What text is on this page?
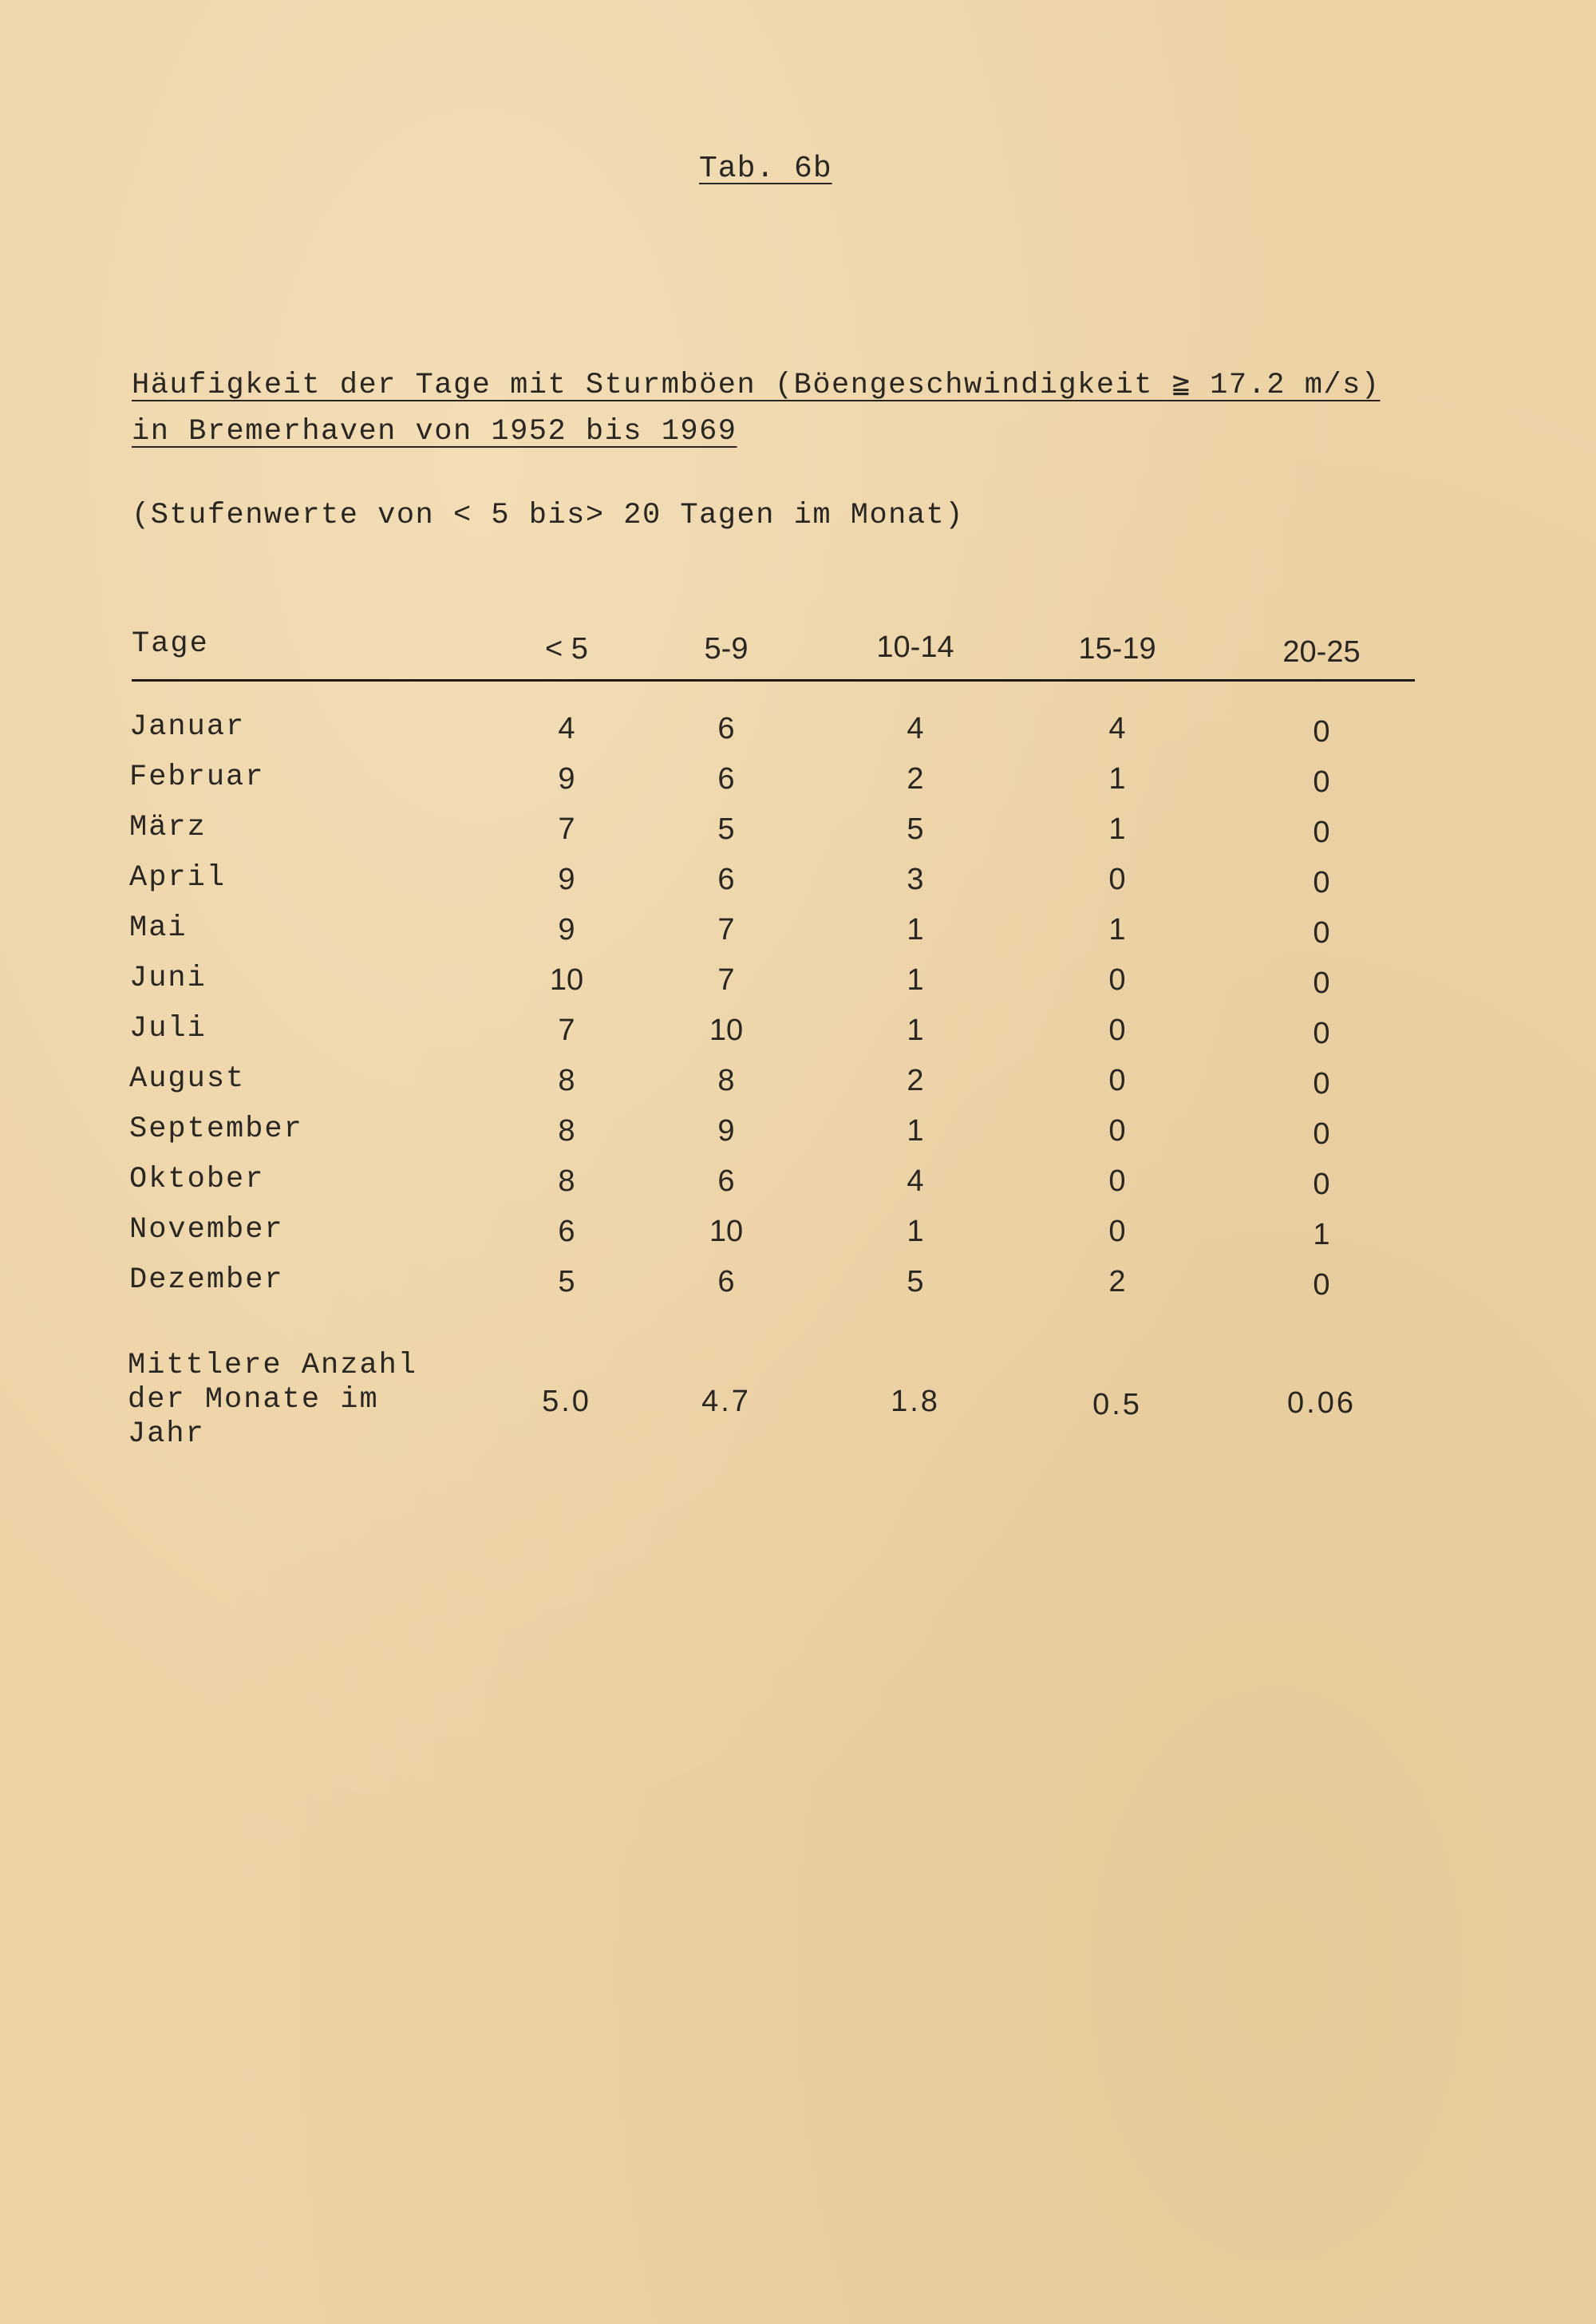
Tab. 6b
Häufigkeit der Tage mit Sturmböen (Böengeschwindigkeit ≧ 17.2 m/s)
in Bremerhaven von 1952 bis 1969
(Stufenwerte von < 5 bis> 20 Tagen im Monat)
Tage	< 5	5-9	10-14	15-19	20-25
Januar	4	6	4	4	0
Februar	9	6	2	1	0
März	7	5	5	1	0
April	9	6	3	0	0
Mai	9	7	1	1	0
Juni	10	7	1	0	0
Juli	7	10	1	0	0
August	8	8	2	0	0
September	8	9	1	0	0
Oktober	8	6	4	0	0
November	6	10	1	0	1
Dezember	5	6	5	2	0
Mittlere Anzahl
der Monate im
Jahr
5.0	4.7	1.8	0.5	0.06
